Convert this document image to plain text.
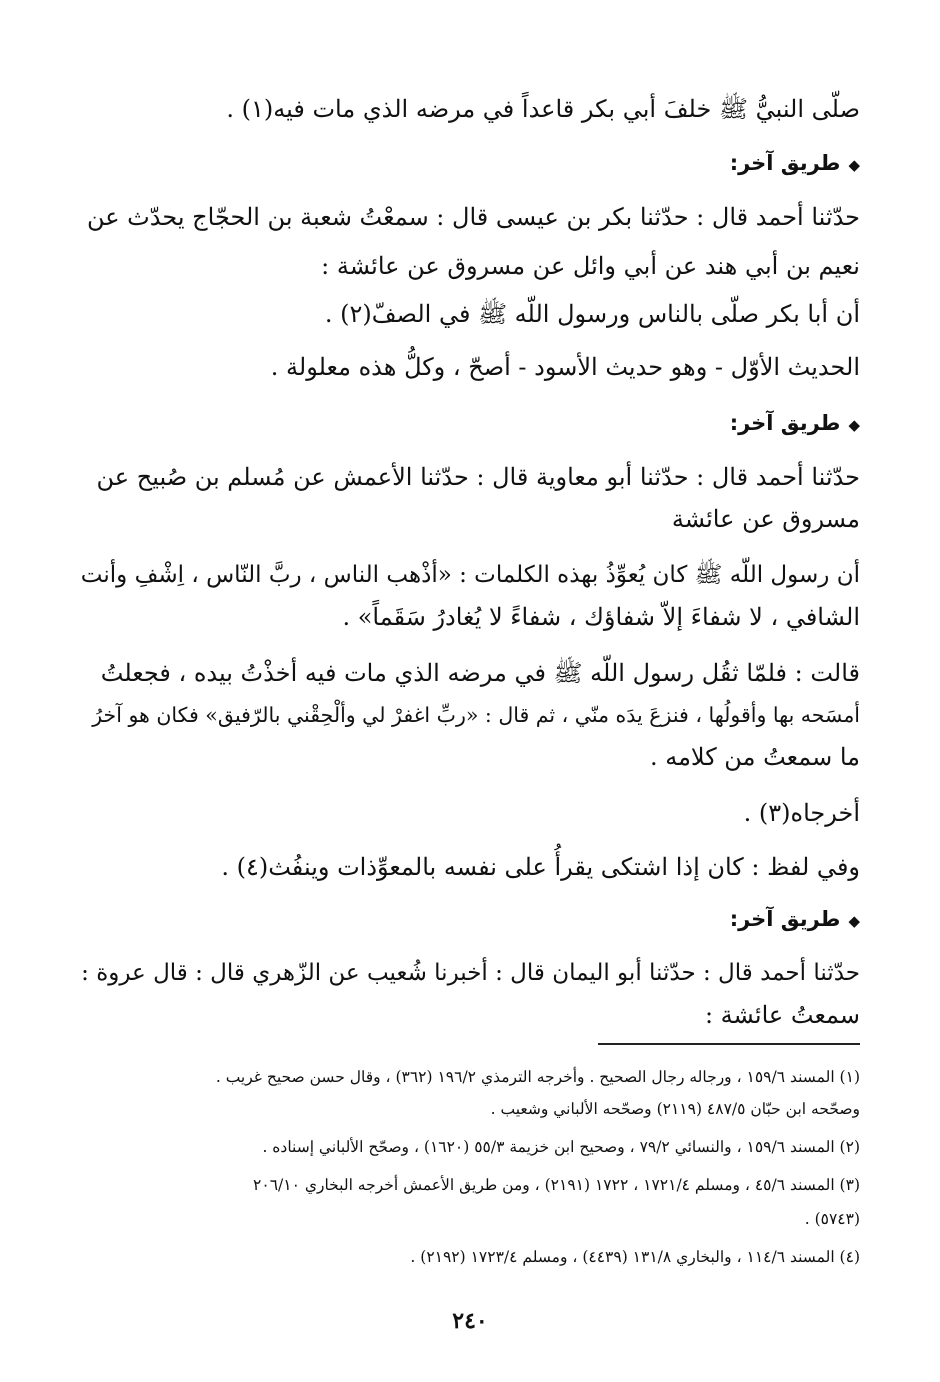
صلّى النبيُّ ﷺ خلفَ أبي بكر قاعداً في مرضه الذي مات فيه(١) .
◆طريق آخر:
حدّثنا أحمد قال : حدّثنا بكر بن عيسى قال : سمعْتُ شعبة بن الحجّاج يحدّث عن
نعيم بن أبي هند عن أبي وائل عن مسروق عن عائشة :
أن أبا بكر صلّى بالناس ورسول اللّه ﷺ في الصفّ(٢) .
الحديث الأوّل - وهو حديث الأسود - أصحّ ، وكلُّ هذه معلولة .
◆طريق آخر:
حدّثنا أحمد قال : حدّثنا أبو معاوية قال : حدّثنا الأعمش عن مُسلم بن صُبيح عن
مسروق عن عائشة
أن رسول اللّه ﷺ كان يُعوِّذُ بهذه الكلمات : «أذْهب الناس ، ربَّ النّاس ، اِشْفِ وأنت
الشافي ، لا شفاءَ إلاّ شفاؤك ، شفاءً لا يُغادرُ سَقَماً» .
قالت : فلمّا ثقُل رسول اللّه ﷺ في مرضه الذي مات فيه أخذْتُ بيده ، فجعلتُ
أمسَحه بها وأقولُها ، فنزعَ يدَه منّي ، ثم قال : «ربِّ اغفرْ لي وألْحِقْني بالرّفيق» فكان هو آخرُ
ما سمعتُ من كلامه .
أخرجاه(٣) .
وفي لفظ : كان إذا اشتكى يقرأُ على نفسه بالمعوِّذات وينفُث(٤) .
◆طريق آخر:
حدّثنا أحمد قال : حدّثنا أبو اليمان قال : أخبرنا شُعيب عن الزّهري قال : قال عروة :
سمعتُ عائشة :
(١) المسند ١٥٩/٦ ، ورجاله رجال الصحيح . وأخرجه الترمذي ١٩٦/٢ (٣٦٢) ، وقال حسن صحيح غريب .
وصحّحه ابن حبّان ٤٨٧/٥ (٢١١٩) وصحّحه الألباني وشعيب .
(٢) المسند ١٥٩/٦ ، والنسائي ٧٩/٢ ، وصحيح ابن خزيمة ٥٥/٣ (١٦٢٠) ، وصحّح الألباني إسناده .
(٣) المسند ٤٥/٦ ، ومسلم ١٧٢١/٤ ، ١٧٢٢ (٢١٩١) ، ومن طريق الأعمش أخرجه البخاري ٢٠٦/١٠
(٥٧٤٣) .
(٤) المسند ١١٤/٦ ، والبخاري ١٣١/٨ (٤٤٣٩) ، ومسلم ١٧٢٣/٤ (٢١٩٢) .
٢٤٠
